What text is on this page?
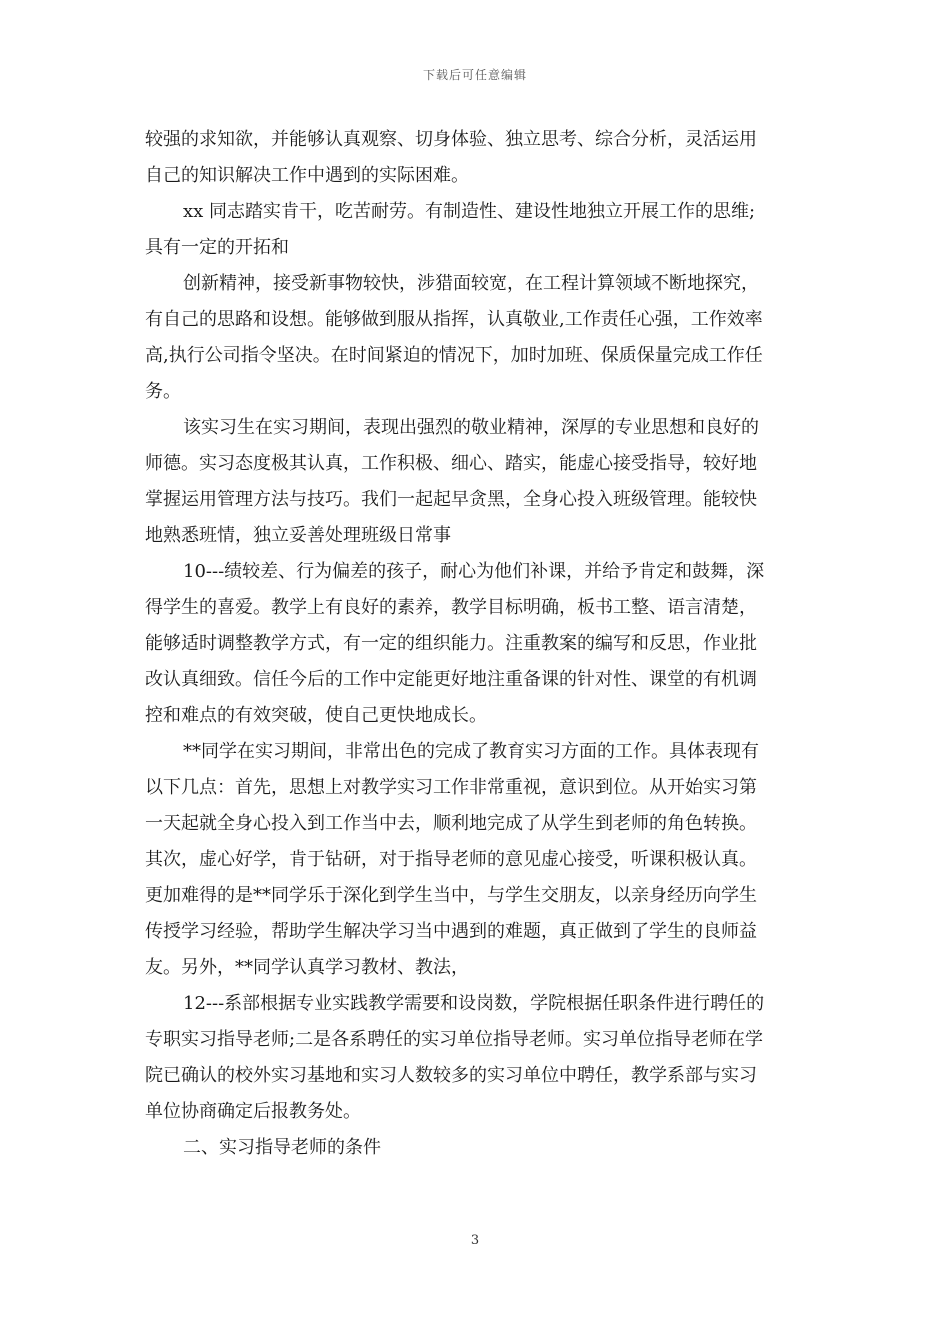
下载后可任意编辑
较强的求知欲，并能够认真观察、切身体验、独立思考、综合分析，灵活运用
自己的知识解决工作中遇到的实际困难。
xx 同志踏实肯干，吃苦耐劳。有制造性、建设性地独立开展工作的思维;
具有一定的开拓和
创新精神，接受新事物较快，涉猎面较宽，在工程计算领域不断地探究，
有自己的思路和设想。能够做到服从指挥，认真敬业,工作责任心强，工作效率
高,执行公司指令坚决。在时间紧迫的情况下，加时加班、保质保量完成工作任
务。
该实习生在实习期间，表现出强烈的敬业精神，深厚的专业思想和良好的
师德。实习态度极其认真，工作积极、细心、踏实，能虚心接受指导，较好地
掌握运用管理方法与技巧。我们一起起早贪黑，全身心投入班级管理。能较快
地熟悉班情，独立妥善处理班级日常事
10---绩较差、行为偏差的孩子，耐心为他们补课，并给予肯定和鼓舞，深
得学生的喜爱。教学上有良好的素养，教学目标明确，板书工整、语言清楚，
能够适时调整教学方式，有一定的组织能力。注重教案的编写和反思，作业批
改认真细致。信任今后的工作中定能更好地注重备课的针对性、课堂的有机调
控和难点的有效突破，使自己更快地成长。
**同学在实习期间，非常出色的完成了教育实习方面的工作。具体表现有
以下几点：首先，思想上对教学实习工作非常重视，意识到位。从开始实习第
一天起就全身心投入到工作当中去，顺利地完成了从学生到老师的角色转换。
其次，虚心好学，肯于钻研，对于指导老师的意见虚心接受，听课积极认真。
更加难得的是**同学乐于深化到学生当中，与学生交朋友，以亲身经历向学生
传授学习经验，帮助学生解决学习当中遇到的难题，真正做到了学生的良师益
友。另外，**同学认真学习教材、教法，
12---系部根据专业实践教学需要和设岗数，学院根据任职条件进行聘任的
专职实习指导老师;二是各系聘任的实习单位指导老师。实习单位指导老师在学
院已确认的校外实习基地和实习人数较多的实习单位中聘任，教学系部与实习
单位协商确定后报教务处。
二、实习指导老师的条件
3
